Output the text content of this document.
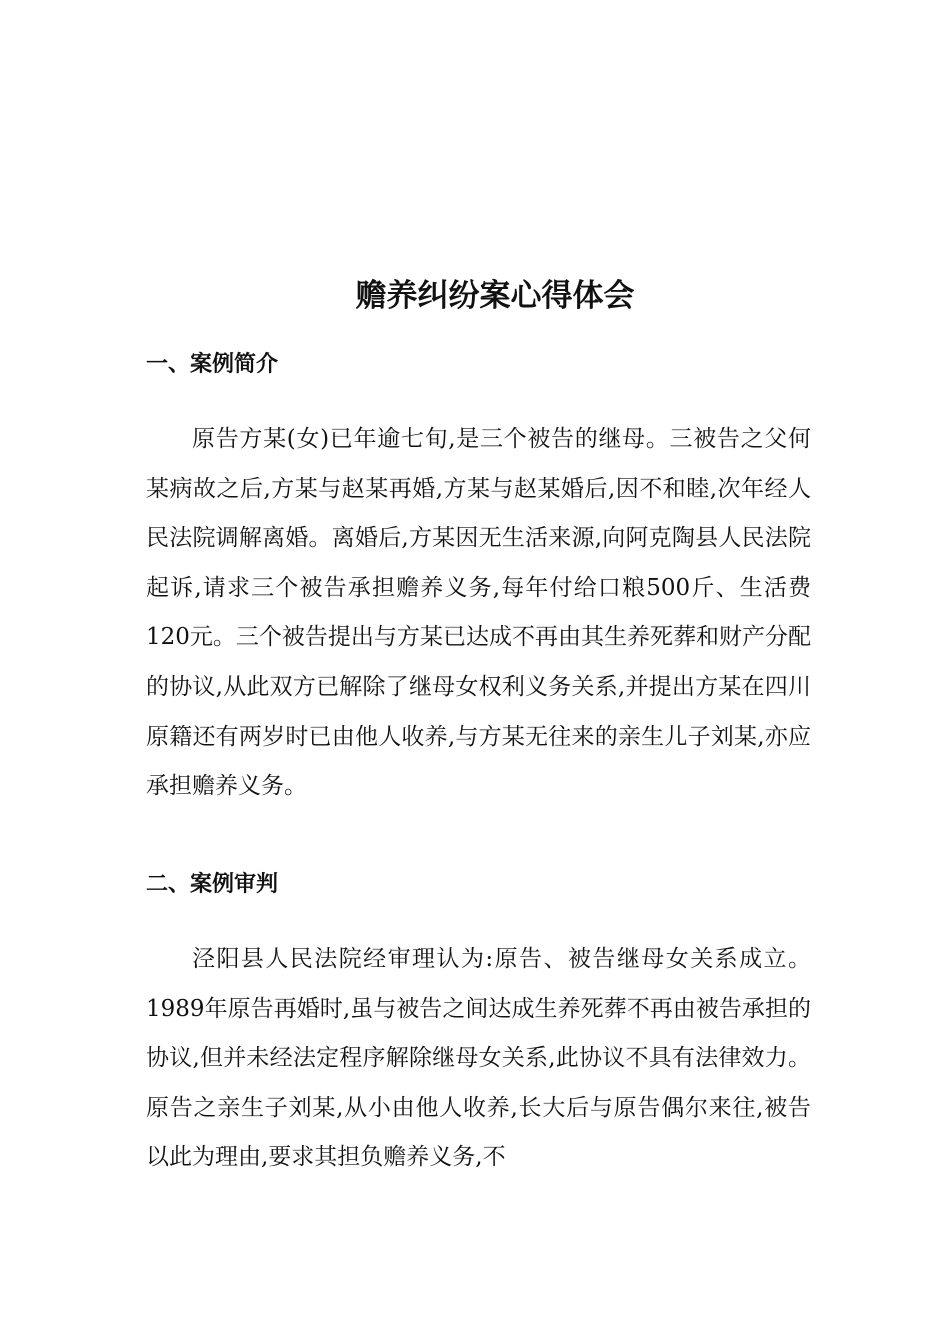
赡养纠纷案心得体会
一、案例简介

原告方某(女)已年逾七旬,是三个被告的继母。三被告之父何某病故之后,方某与赵某再婚,方某与赵某婚后,因不和睦,次年经人民法院调解离婚。离婚后,方某因无生活来源,向阿克陶县人民法院起诉,请求三个被告承担赡养义务,每年付给口粮500斤、生活费120元。三个被告提出与方某已达成不再由其生养死葬和财产分配的协议,从此双方已解除了继母女权利义务关系,并提出方某在四川原籍还有两岁时已由他人收养,与方某无往来的亲生儿子刘某,亦应承担赡养义务。

二、案例审判

泾阳县人民法院经审理认为:原告、被告继母女关系成立。1989年原告再婚时,虽与被告之间达成生养死葬不再由被告承担的协议,但并未经法定程序解除继母女关系,此协议不具有法律效力。原告之亲生子刘某,从小由他人收养,长大后与原告偶尔来往,被告以此为理由,要求其担负赡养义务,不
